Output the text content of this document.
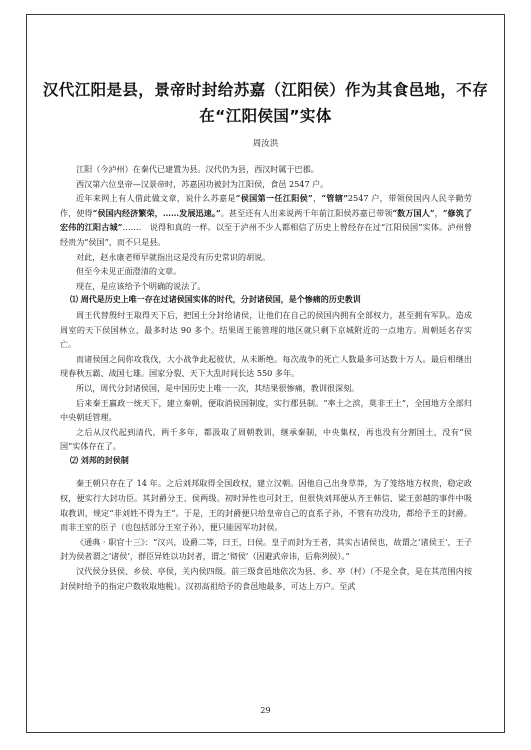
汉代江阳是县，景帝时封给苏嘉（江阳侯）作为其食邑地，不存
在“江阳侯国”实体
周汝洪

江阳（今泸州）在秦代已建置为县。汉代仍为县，西汉时属于巴郡。

西汉第六位皇帝—汉景帝时，苏嘉因功被封为江阳侯，食邑 2547 户。

近年来网上有人借此做文章，说什么苏嘉是“侯国第一任江阳侯”，“管辖”2547 户，带领侯国内人民辛勤劳作，使得“侯国内经济繁荣，……发展迅速。”。甚至还有人出来说两千年前江阳侯苏嘉已带领“数万国人”，“修筑了宏伟的江阳古城”……． 说得和真的一样。以至于泸州不少人都相信了历史上曾经存在过“江阳侯国”实体。泸州曾经贵为“侯国”，而不只是县。

对此，赵永康老师早就指出这是没有历史常识的胡说。

但至今未见正面澄清的文章。

现在，是应该给予个明确的说法了。

⑴ 周代是历史上唯一存在过诸侯国实体的时代，分封诸侯国，是个惨痛的历史教训

周王代替殷纣王取得天下后，把国土分封给诸侯，让他们在自己的侯国内拥有全部权力，甚至拥有军队。造成周室的天下侯国林立，最多时达 90 多个。结果周王能管理的地区就只剩下京城附近的一点地方。周朝廷名存实亡。

而诸侯国之间你攻我伐，大小战争此起彼伏，从未断绝。每次战争的死亡人数最多可达数十万人。最后相继出现春秋五霸、战国七雄。国家分裂、天下大乱时间长达 550 多年。

所以，周代分封诸侯国，是中国历史上唯一一次，其结果很惨痛，教训很深刻。

后来秦王嬴政一统天下，建立秦朝，便取消侯国制度，实行郡县制。“率土之滨，莫非王土”，全国地方全部归中央朝廷管理。

之后从汉代起到清代，两千多年，都汲取了周朝教训，继承秦制，中央集权，再也没有分割国土，没有“侯国”实体存在了。

⑵ 刘邦的封侯制

秦王朝只存在了 14 年。之后刘邦取得全国政权，建立汉朝。因他自己出身草莽，为了笼络地方权贵，稳定政权，便实行大封功臣。其封爵分王、侯两级。初时异性也可封王，但很快刘邦便从齐王韩信、梁王彭越的事件中吸取教训，规定“非刘姓不得为王”。于是，王的封爵便只给皇帝自己的直系子孙，不管有功没功，都给予王的封爵。而非王室的臣子（也包括部分王室子孙），便只能因军功封侯。

《通典 · 职官十三》：“汉兴，设爵二等，曰王，曰侯。皇子而封为王者，其实古诸侯也，故谓之‘诸侯王’，王子封为侯者谓之‘诸侯’，群臣异姓以功封者，谓之‘彻侯’（因避武帝讳，后称列侯）。”

汉代侯分县侯、乡侯、亭侯，关内侯四级。前三级食邑地依次为县、乡、亭（村）（不是全食，是在其范围内按封侯时给予的指定户数收取地税）。汉初高祖给予的食邑地最多，可达上万户。至武

29
